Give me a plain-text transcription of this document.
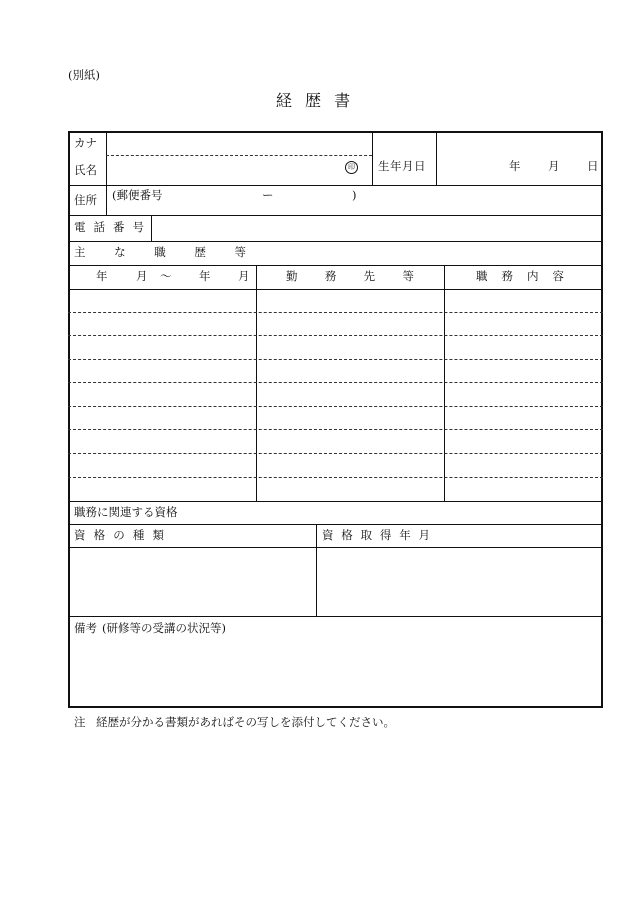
(別紙)
経 歴 書
カナ
氏名	印 生年月日	年 月 日
住所 (郵便番号	ー	)
電 話 番 号
主 な 職 歴 等
年 月 〜 年 月	勤 務 先 等	職 務 内 容
職務に関連する資格
資 格 の 種 類	資 格 取 得 年 月
備 考 (研修等の受講の状況等)
注 経歴が分かる書類があればその写しを添付してください。
